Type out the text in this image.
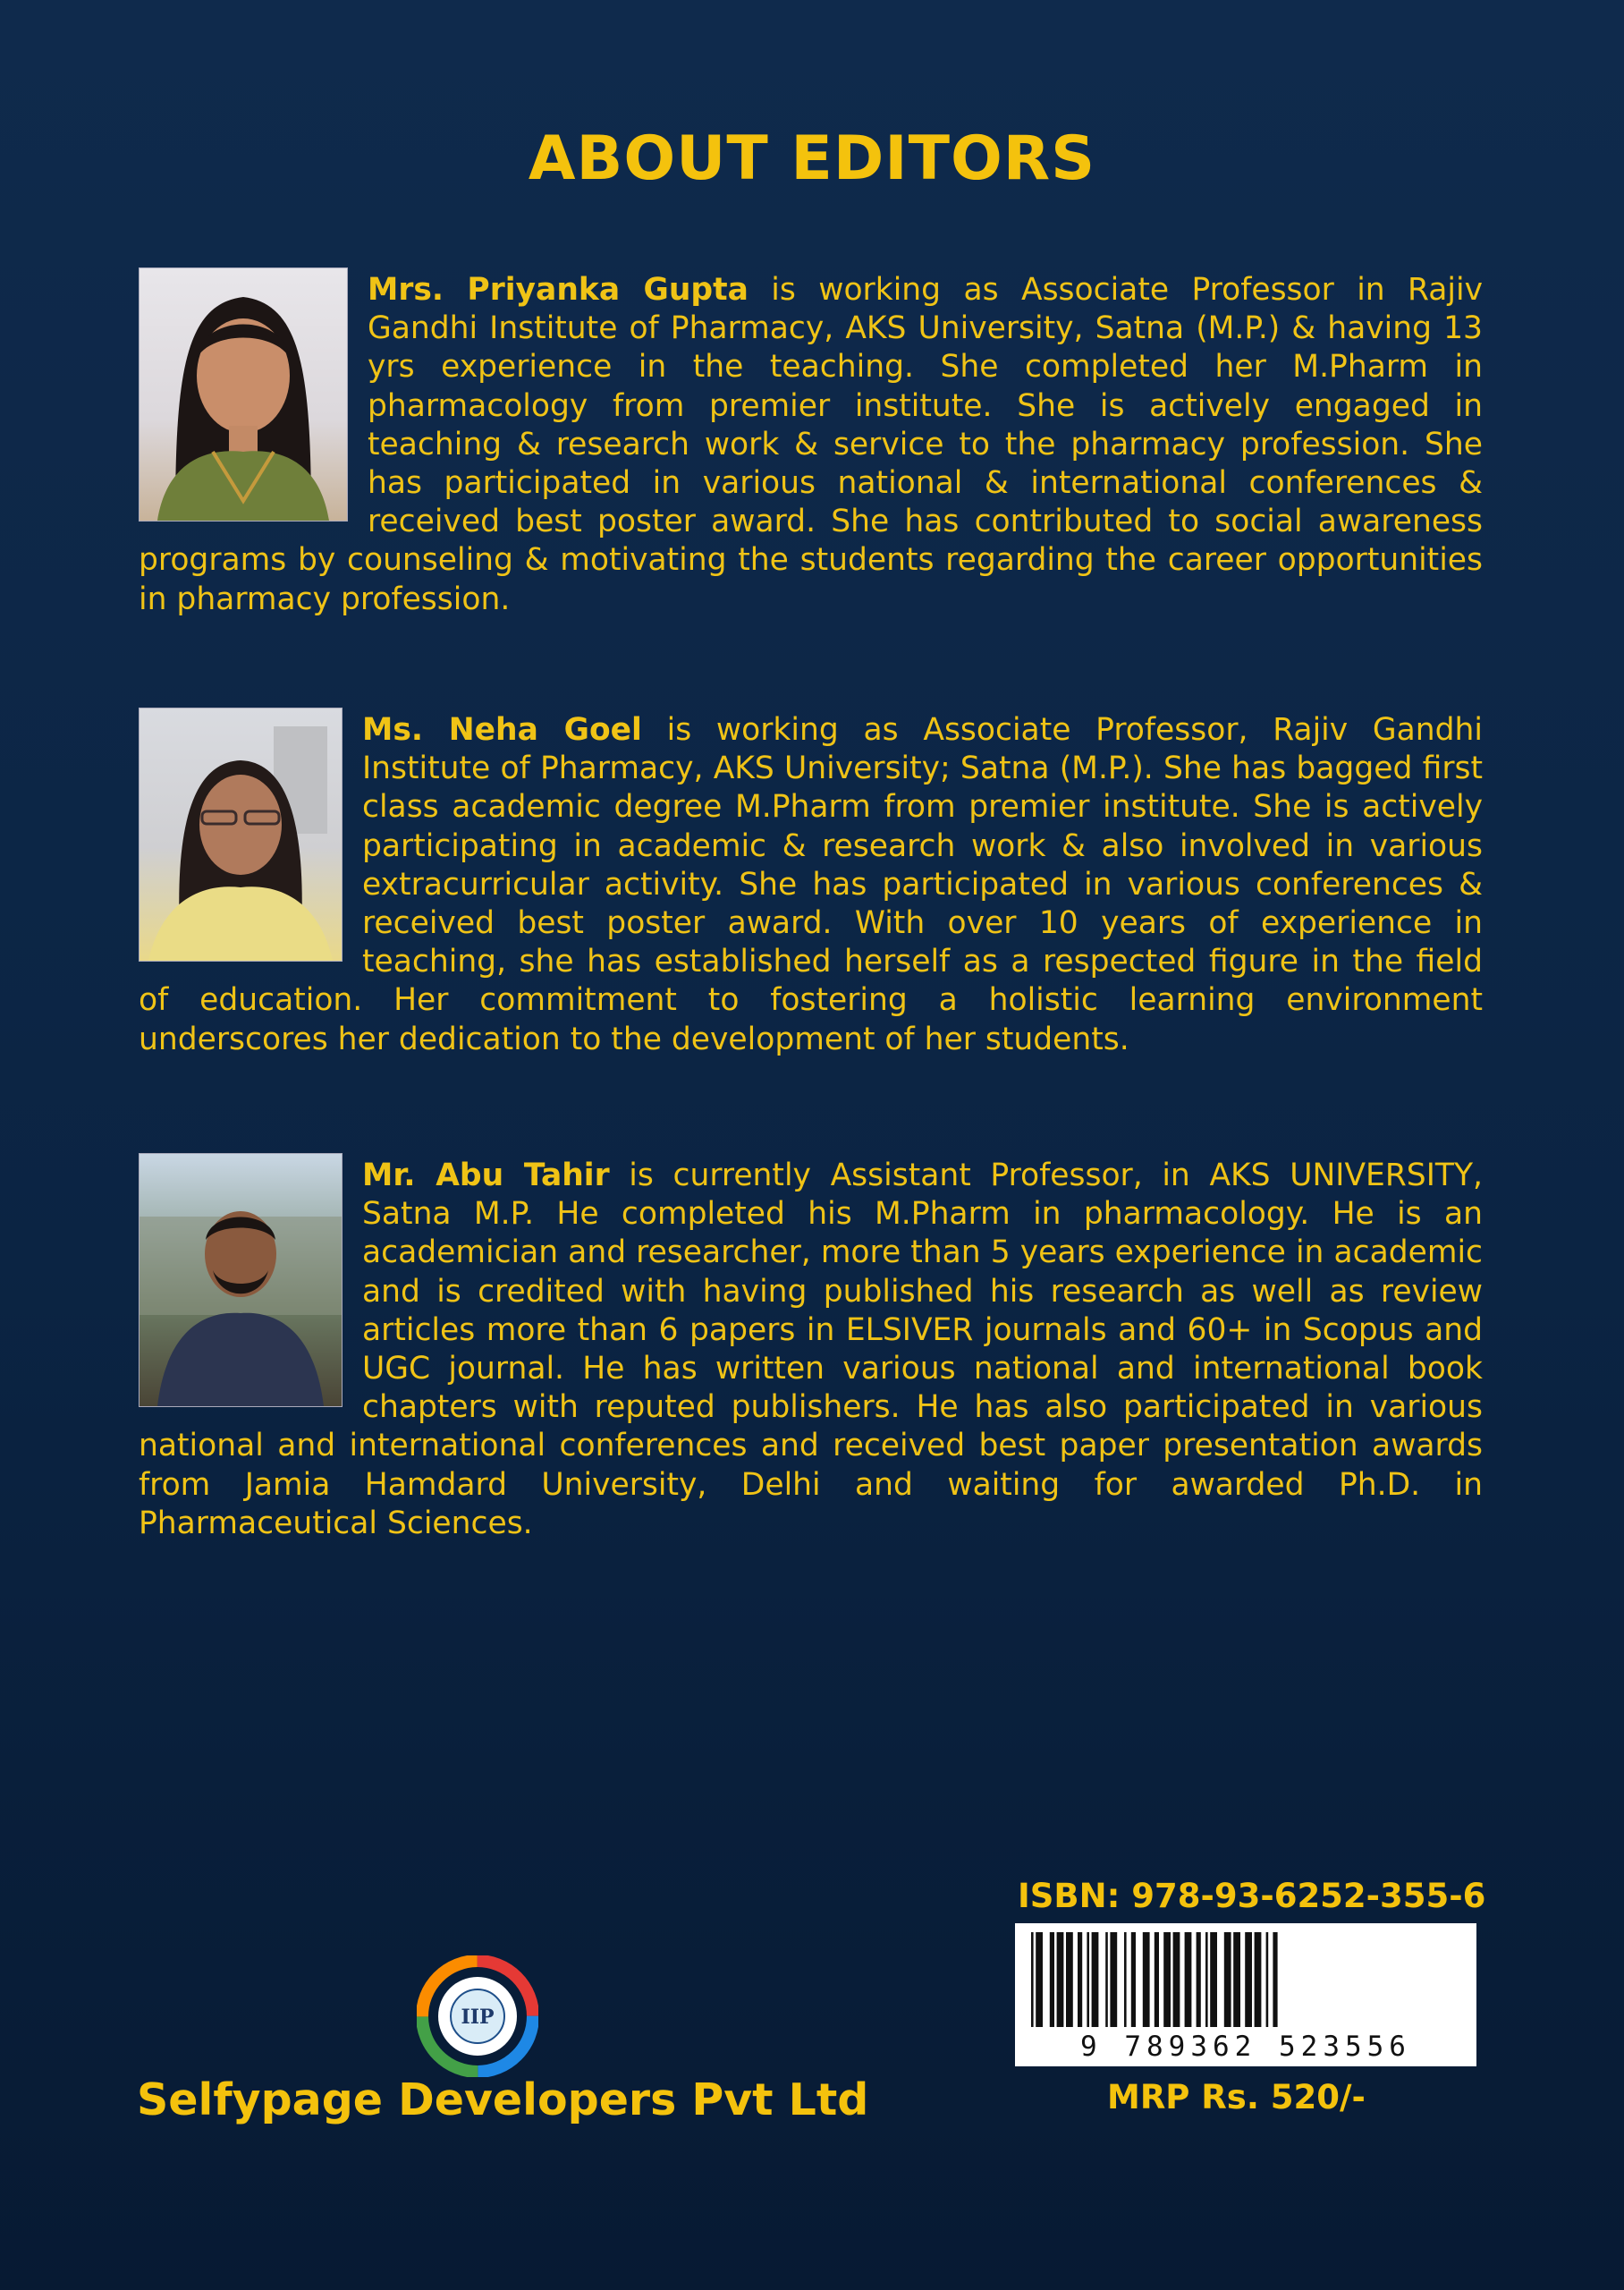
ABOUT EDITORS
Mrs. Priyanka Gupta is working as Associate Professor in Rajiv Gandhi Institute of Pharmacy, AKS University, Satna (M.P.) & having 13 yrs experience in the teaching. She completed her M.Pharm in pharmacology from premier institute. She is actively engaged in teaching & research work & service to the pharmacy profession. She has participated in various national & international conferences & received best poster award. She has contributed to social awareness programs by counseling & motivating the students regarding the career opportunities in pharmacy profession.
Ms. Neha Goel is working as Associate Professor, Rajiv Gandhi Institute of Pharmacy, AKS University; Satna (M.P.). She has bagged first class academic degree M.Pharm from premier institute. She is actively participating in academic & research work & also involved in various extracurricular activity. She has participated in various conferences & received best poster award. With over 10 years of experience in teaching, she has established herself as a respected figure in the field of education. Her commitment to fostering a holistic learning environment underscores her dedication to the development of her students.
Mr. Abu Tahir is currently Assistant Professor, in AKS UNIVERSITY, Satna M.P. He completed his M.Pharm in pharmacology. He is an academician and researcher, more than 5 years experience in academic and is credited with having published his research as well as review articles more than 6 papers in ELSIVER journals and 60+ in Scopus and UGC journal. He has written various national and international book chapters with reputed publishers. He has also participated in various national and international conferences and received best paper presentation awards from Jamia Hamdard University, Delhi and waiting for awarded Ph.D. in Pharmaceutical Sciences.
ISBN: 978-93-6252-355-6
9 789362 523556
MRP Rs. 520/-
IIP
Selfypage Developers Pvt Ltd
